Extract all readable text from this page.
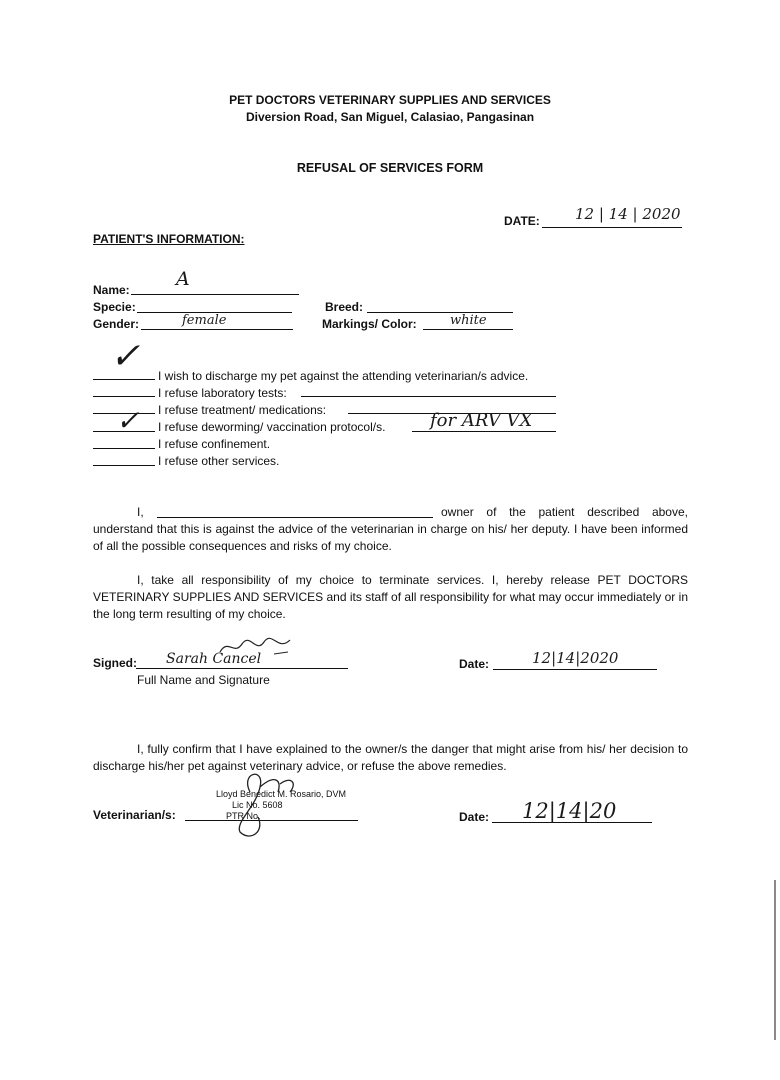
PET DOCTORS VETERINARY SUPPLIES AND SERVICES
Diversion Road, San Miguel, Calasiao, Pangasinan
REFUSAL OF SERVICES FORM
DATE: 12 | 14 | 2020
PATIENT'S INFORMATION:
Name: A
Specie:	Breed:
Gender:	female	Markings/ Color:	white
✓ I wish to discharge my pet against the attending veterinarian/s advice.
I refuse laboratory tests:
I refuse treatment/ medications:
✓ I refuse deworming/ vaccination protocol/s. for ARV VX
I refuse confinement.
I refuse other services.
I,	owner of the patient described above,
understand that this is against the advice of the veterinarian in charge on his/ her deputy. I have been informed of all the possible consequences and risks of my choice.
I, take all responsibility of my choice to terminate services. I, hereby release PET DOCTORS VETERINARY SUPPLIES AND SERVICES and its staff of all responsibility for what may occur immediately or in the long term resulting of my choice.
Signed: Sarah Cancel
Full Name and Signature
Date:	12|14|2020
I, fully confirm that I have explained to the owner/s the danger that might arise from his/ her decision to discharge his/her pet against veterinary advice, or refuse the above remedies.
Veterinarian/s:
Lloyd Benedict M. Rosario, DVM
Lic No. 5608
PTR No.	Date: 12|14|20
